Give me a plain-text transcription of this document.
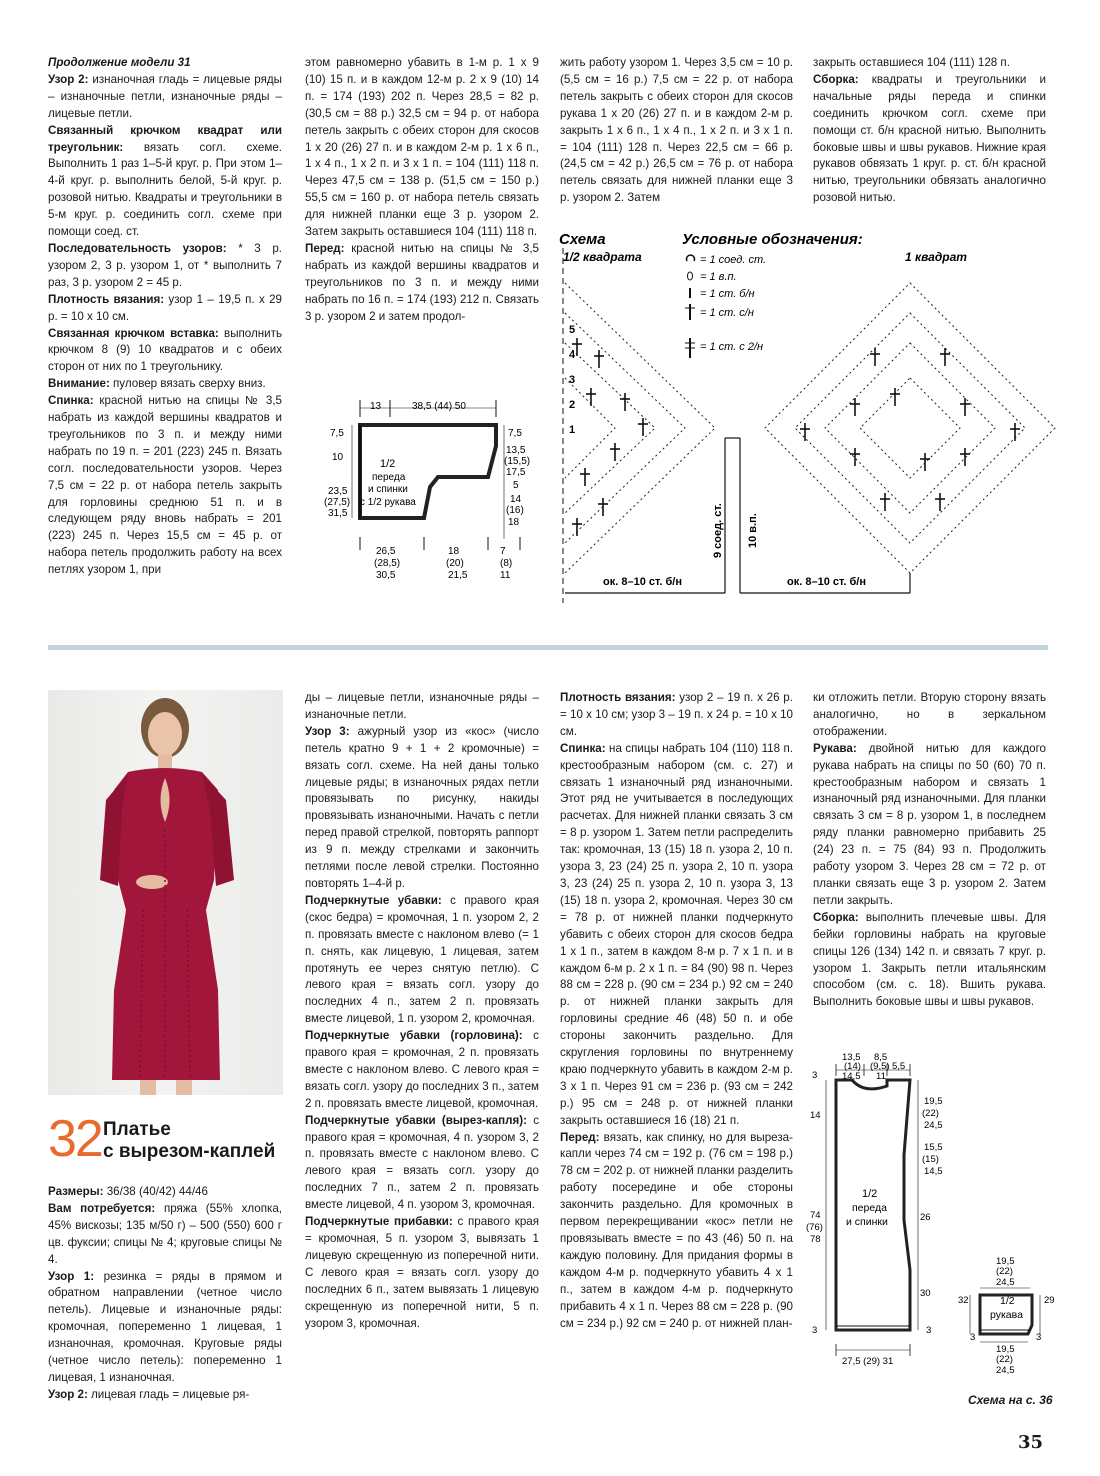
Продолжение модели 31

Узор 2: изнаночная гладь = лицевые ряды – изнаночные петли, изнаночные ряды – лицевые петли.

Связанный крючком квадрат или треугольник: вязать согл. схеме. Выполнить 1 раз 1–5-й круг. р. При этом 1–4-й круг. р. выполнить белой, 5-й круг. р. розовой нитью. Квадраты и треугольники в 5-м круг. р. соединить согл. схеме при помощи соед. ст.

Последовательность узоров: * 3 р. узором 2, 3 р. узором 1, от * выполнить 7 раз, 3 р. узором 2 = 45 р.

Плотность вязания: узор 1 – 19,5 п. х 29 р. = 10 х 10 см.

Связанная крючком вставка: выполнить крючком 8 (9) 10 квадратов и с обеих сторон от них по 1 треугольнику.

Внимание: пуловер вязать сверху вниз.

Спинка: красной нитью на спицы № 3,5 набрать из каждой вершины квадратов и треугольников по 3 п. и между ними набрать по 19 п. = 201 (223) 245 п. Вязать согл. последовательности узоров. Через 7,5 см = 22 р. от набора петель закрыть для горловины среднюю 51 п. и в следующем ряду вновь набрать = 201 (223) 245 п. Через 15,5 см = 45 р. от набора петель продолжить работу на всех петлях узором 1, при

этом равномерно убавить в 1-м р. 1 х 9 (10) 15 п. и в каждом 12-м р. 2 х 9 (10) 14 п. = 174 (193) 202 п. Через 28,5 = 82 р. (30,5 см = 88 р.) 32,5 см = 94 р. от набора петель закрыть с обеих сторон для скосов 1 х 20 (26) 27 п. и в каждом 2-м р. 1 х 6 п., 1 х 4 п., 1 х 2 п. и 3 х 1 п. = 104 (111) 118 п. Через 47,5 см = 138 р. (51,5 см = 150 р.) 55,5 см = 160 р. от набора петель связать для нижней планки еще 3 р. узором 2. Затем закрыть оставшиеся 104 (111) 118 п.

Перед: красной нитью на спицы № 3,5 набрать из каждой вершины квадратов и треугольников по 3 п. и между ними набрать по 16 п. = 174 (193) 212 п. Связать 3 р. узором 2 и затем продол-

жить работу узором 1. Через 3,5 см = 10 р. (5,5 см = 16 р.) 7,5 см = 22 р. от набора петель закрыть с обеих сторон для скосов рукава 1 х 20 (26) 27 п. и в каждом 2-м р. закрыть 1 х 6 п., 1 х 4 п., 1 х 2 п. и 3 х 1 п. = 104 (111) 128 п. Через 22,5 см = 66 р. (24,5 см = 42 р.) 26,5 см = 76 р. от набора петель связать для нижней планки еще 3 р. узором 2. Затем

закрыть оставшиеся 104 (111) 128 п.

Сборка: квадраты и треугольники и начальные ряды переда и спинки соединить крючком согл. схеме при помощи ст. б/н красной нитью. Выполнить боковые швы и швы рукавов. Нижние края рукавов обвязать 1 круг. р. ст. б/н красной нитью, треугольники обвязать аналогично розовой нитью.

13	38,5 (44) 50
7,5
10
23,5
(27,5)
31,5
7,5
13,5
(15,5)
17,5
5
14
(16)
18
1/2
переда
и спинки
с 1/2 рукава
26,5
(28,5)
30,5
18
(20)
21,5
7
(8)
11
Схема
1/2 квадрата
Условные обозначения:
1 квадрат
= 1 соед. ст.
= 1 в.п.
= 1 ст. б/н
= 1 ст. с/н
= 1 ст. с 2/н
5
4
3
2
1
9 соед. ст. 10 в.п.
ок. 8–10 ст. б/н	ок. 8–10 ст. б/н
32 Платье
с вырезом-каплей

Размеры: 36/38 (40/42) 44/46

Вам потребуется: пряжа (55% хлопка, 45% вискозы; 135 м/50 г) – 500 (550) 600 г цв. фуксии; спицы № 4; круговые спицы № 4.

Узор 1: резинка = ряды в прямом и обратном направлении (четное число петель). Лицевые и изнаночные ряды: кромочная, попеременно 1 лицевая, 1 изнаночная, кромочная. Круговые ряды (четное число петель): попеременно 1 лицевая, 1 изнаночная.

Узор 2: лицевая гладь = лицевые ря-

ды – лицевые петли, изнаночные ряды – изнаночные петли.

Узор 3: ажурный узор из «кос» (число петель кратно 9 + 1 + 2 кромочные) = вязать согл. схеме. На ней даны только лицевые ряды; в изнаночных рядах петли провязывать по рисунку, накиды провязывать изнаночными. Начать с петли перед правой стрелкой, повторять раппорт из 9 п. между стрелками и закончить петлями после левой стрелки. Постоянно повторять 1–4-й р.

Подчеркнутые убавки: с правого края (скос бедра) = кромочная, 1 п. узором 2, 2 п. провязать вместе с наклоном влево (= 1 п. снять, как лицевую, 1 лицевая, затем протянуть ее через снятую петлю). С левого края = вязать согл. узору до последних 4 п., затем 2 п. провязать вместе лицевой, 1 п. узором 2, кромочная.

Подчеркнутые убавки (горловина): с правого края = кромочная, 2 п. провязать вместе с наклоном влево. С левого края = вязать согл. узору до последних 3 п., затем 2 п. провязать вместе лицевой, кромочная.

Подчеркнутые убавки (вырез-капля): с правого края = кромочная, 4 п. узором 3, 2 п. провязать вместе с наклоном влево. С левого края = вязать согл. узору до последних 7 п., затем 2 п. провязать вместе лицевой, 4 п. узором 3, кромочная.

Подчеркнутые прибавки: с правого края = кромочная, 5 п. узором 3, вывязать 1 лицевую скрещенную из поперечной нити. С левого края = вязать согл. узору до последних 6 п., затем вывязать 1 лицевую скрещенную из поперечной нити, 5 п. узором 3, кромочная.

Плотность вязания: узор 2 – 19 п. х 26 р. = 10 х 10 см; узор 3 – 19 п. х 24 р. = 10 х 10 см.

Спинка: на спицы набрать 104 (110) 118 п. крестообразным набором (см. с. 27) и связать 1 изнаночный ряд изнаночными. Этот ряд не учитывается в последующих расчетах. Для нижней планки связать 3 см = 8 р. узором 1. Затем петли распределить так: кромочная, 13 (15) 18 п. узора 2, 10 п. узора 3, 23 (24) 25 п. узора 2, 10 п. узора 3, 23 (24) 25 п. узора 2, 10 п. узора 3, 13 (15) 18 п. узора 2, кромочная. Через 30 см = 78 р. от нижней планки подчеркнуто убавить с обеих сторон для скосов бедра 1 х 1 п., затем в каждом 8-м р. 7 х 1 п. и в каждом 6-м р. 2 х 1 п. = 84 (90) 98 п. Через 88 см = 228 р. (90 см = 234 р.) 92 см = 240 р. от нижней планки закрыть для горловины средние 46 (48) 50 п. и обе стороны закончить раздельно. Для скругления горловины по внутреннему краю подчеркнуто убавить в каждом 2-м р. 3 х 1 п. Через 91 см = 236 р. (93 см = 242 р.) 95 см = 248 р. от нижней планки закрыть оставшиеся 16 (18) 21 п.

Перед: вязать, как спинку, но для выреза-капли через 74 см = 192 р. (76 см = 198 р.) 78 см = 202 р. от нижней планки разделить работу посередине и обе стороны закончить раздельно. Для кромочных в первом перекрещивании «кос» петли не провязывать вместе = по 43 (46) 50 п. на каждую половину. Для придания формы в каждом 4-м р. подчеркнуто убавить 4 х 1 п., затем в каждом 4-м р. подчеркнуто прибавить 4 х 1 п. Через 88 см = 228 р. (90 см = 234 р.) 92 см = 240 р. от нижней план-

ки отложить петли. Вторую сторону вязать аналогично, но в зеркальном отображении.

Рукава: двойной нитью для каждого рукава набрать на спицы по 50 (60) 70 п. крестообразным набором и связать 1 изнаночный ряд изнаночными. Для планки связать 3 см = 8 р. узором 1, в последнем ряду планки равномерно прибавить 25 (24) 23 п. = 75 (84) 93 п. Продолжить работу узором 3. Через 28 см = 72 р. от планки связать еще 3 р. узором 2. Затем петли закрыть.

Сборка: выполнить плечевые швы. Для бейки горловины набрать на круговые спицы 126 (134) 142 п. и связать 7 круг. р. узором 1. Закрыть петли итальянским способом (см. с. 18). Вшить рукава. Выполнить боковые швы и швы рукавов.

13,5
(14)
14,5
8,5
(9,5)
11
5,5
3
14
74
(76)
78
3
19,5
(22)
24,5
15,5
(15)
14,5
26
30
3
1/2
переда
и спинки
27,5 (29) 31
19,5
(22)
24,5
32
3
29
3
1/2
рукава
19,5
(22)
24,5
Схема на с. 36
35
